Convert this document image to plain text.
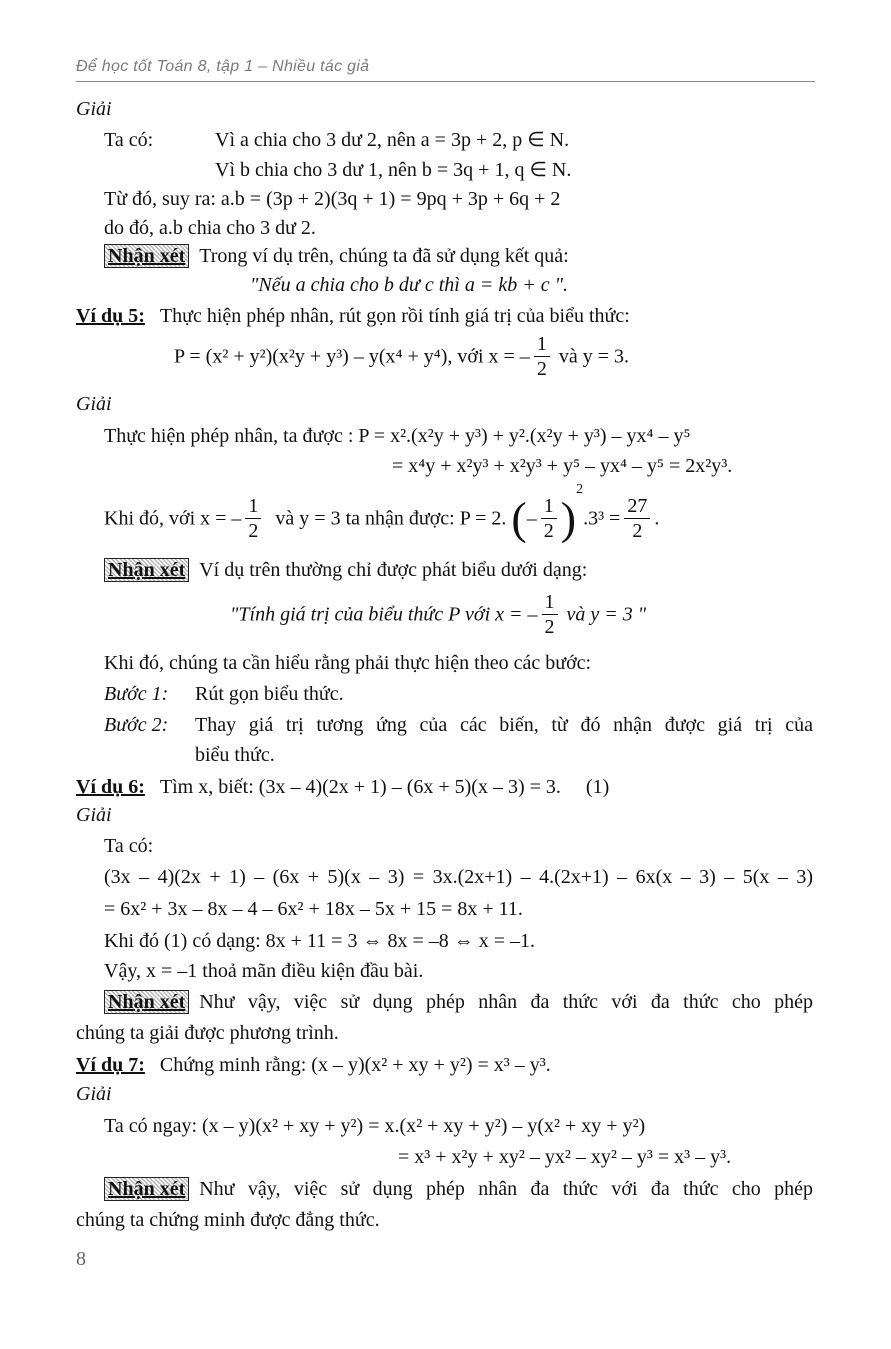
Để học tốt Toán 8, tập 1 – Nhiều tác giả
Giải
Ta có:	Vì a chia cho 3 dư 2, nên a = 3p + 2, p ∈ N.
Vì b chia cho 3 dư 1, nên b = 3q + 1, q ∈ N.
Từ đó, suy ra: a.b = (3p + 2)(3q + 1) = 9pq + 3p + 6q + 2
do đó, a.b chia cho 3 dư 2.
Nhận xét Trong ví dụ trên, chúng ta đã sử dụng kết quả:
"Nếu a chia cho b dư c thì a = kb + c ".
Ví dụ 5: Thực hiện phép nhân, rút gọn rồi tính giá trị của biểu thức:
P = (x² + y²)(x²y + y³) – y(x⁴ + y⁴), với x = – $\frac{1}{2}$ và y = 3.
Giải
Thực hiện phép nhân, ta được : P = x².(x²y + y³) + y².(x²y + y³) – yx⁴ – y⁵
= x⁴y + x²y³ + x²y³ + y⁵ – yx⁴ – y⁵ = 2x²y³.
Khi đó, với x = – $\frac{1}{2}$ và y = 3 ta nhận được: P = 2. (– $\frac{1}{2} )^2.3^3 = \frac{27}{2}$ .
Nhận xét Ví dụ trên thường chỉ được phát biểu dưới dạng:
"Tính giá trị của biểu thức P với x = – $\frac{1}{2}$ và y = 3 "
Khi đó, chúng ta cần hiểu rằng phải thực hiện theo các bước:
Bước 1: Rút gọn biểu thức.
Bước 2: Thay giá trị tương ứng của các biến, từ đó nhận được giá trị của
biểu thức.
Ví dụ 6: Tìm x, biết: (3x – 4)(2x + 1) – (6x + 5)(x – 3) = 3. (1)
Giải
Ta có:
(3x – 4)(2x + 1) – (6x + 5)(x – 3) = 3x.(2x+1) – 4.(2x+1) – 6x(x – 3) – 5(x – 3)
= 6x² + 3x – 8x – 4 – 6x² + 18x – 5x + 15 = 8x + 11.
Khi đó (1) có dạng: 8x + 11 = 3 ⇔ 8x = –8 ⇔ x = –1.
Vậy, x = –1 thoả mãn điều kiện đầu bài.
Nhận xét Như vậy, việc sử dụng phép nhân đa thức với đa thức cho phép
chúng ta giải được phương trình.
Ví dụ 7: Chứng minh rằng: (x – y)(x² + xy + y²) = x³ – y³.
Giải
Ta có ngay: (x – y)(x² + xy + y²) = x.(x² + xy + y²) – y(x² + xy + y²)
= x³ + x²y + xy² – yx² – xy² – y³ = x³ – y³.
Nhận xét Như vậy, việc sử dụng phép nhân đa thức với đa thức cho phép
chúng ta chứng minh được đẳng thức.
8
